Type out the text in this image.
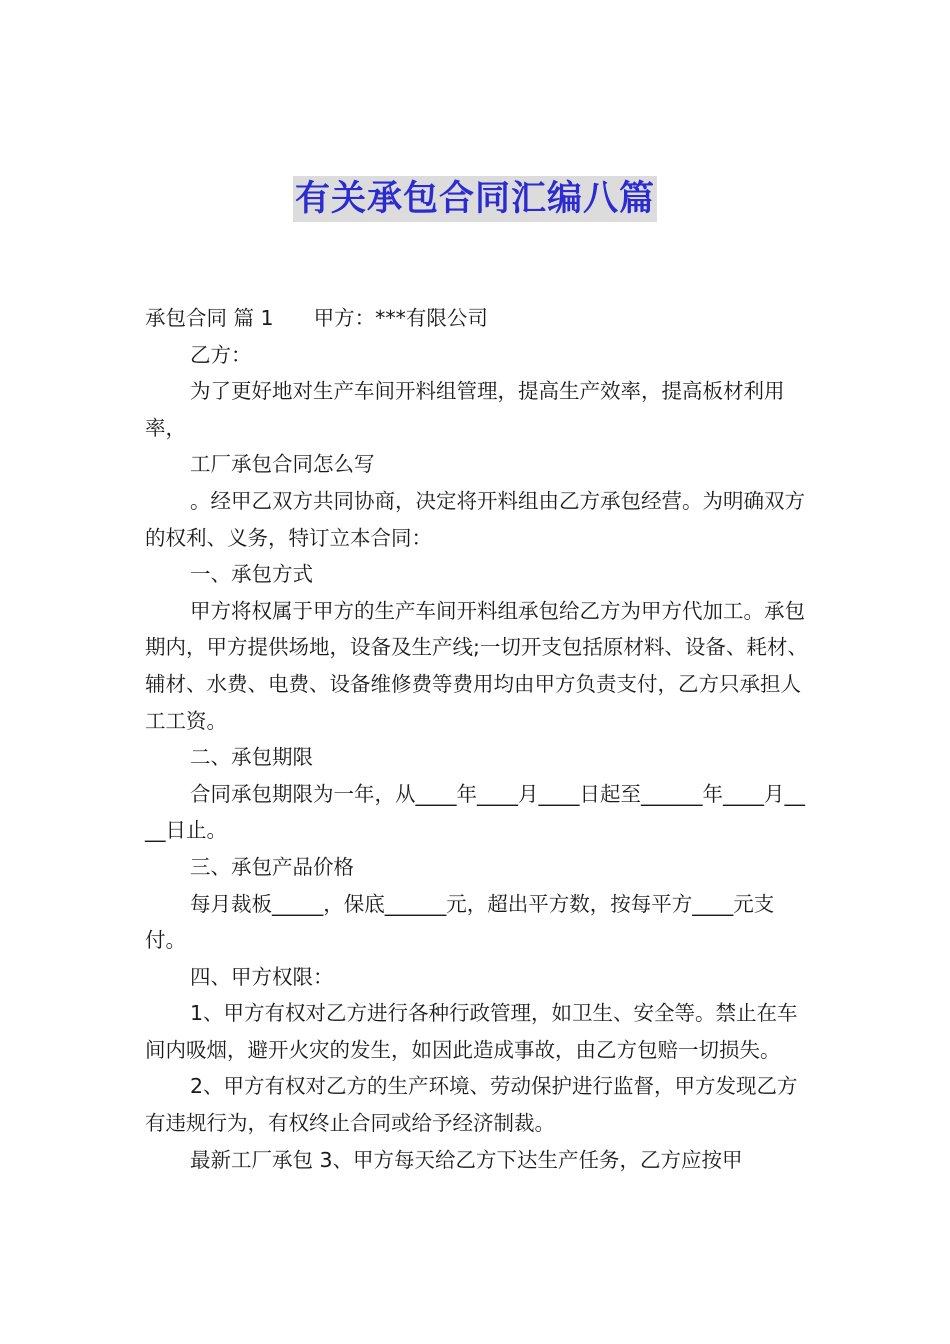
有关承包合同汇编八篇

承包合同 篇 1 甲方：***有限公司

乙方：

为了更好地对生产车间开料组管理，提高生产效率，提高板材利用率，

工厂承包合同怎么写

。经甲乙双方共同协商，决定将开料组由乙方承包经营。为明确双方的权利、义务，特订立本合同：

一、承包方式

甲方将权属于甲方的生产车间开料组承包给乙方为甲方代加工。承包期内，甲方提供场地，设备及生产线;一切开支包括原材料、设备、耗材、辅材、水费、电费、设备维修费等费用均由甲方负责支付，乙方只承担人工工资。

二、承包期限

合同承包期限为一年，从____年____月____日起至______年____月____日止。

三、承包产品价格

每月裁板_____，保底______元，超出平方数，按每平方____元支付。

四、甲方权限：

1、甲方有权对乙方进行各种行政管理，如卫生、安全等。禁止在车间内吸烟，避开火灾的发生，如因此造成事故，由乙方包赔一切损失。

2、甲方有权对乙方的生产环境、劳动保护进行监督，甲方发现乙方有违规行为，有权终止合同或给予经济制裁。

最新工厂承包 3、甲方每天给乙方下达生产任务，乙方应按甲
